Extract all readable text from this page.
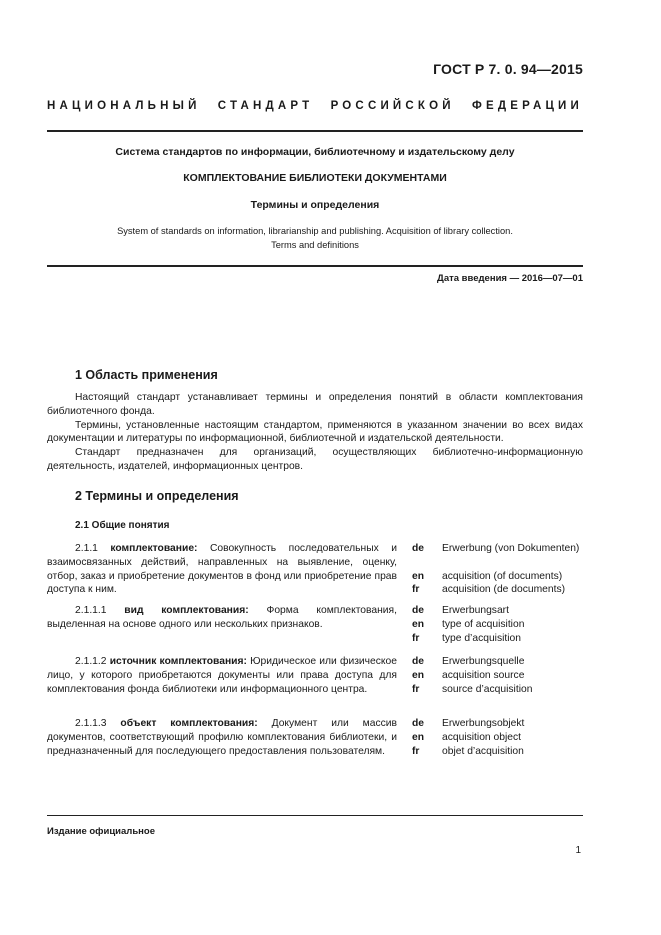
ГОСТ Р 7. 0. 94—2015
НАЦИОНАЛЬНЫЙ СТАНДАРТ РОССИЙСКОЙ ФЕДЕРАЦИИ
Система стандартов по информации, библиотечному и издательскому делу
КОМПЛЕКТОВАНИЕ БИБЛИОТЕКИ ДОКУМЕНТАМИ
Термины и определения
System of standards on information, librarianship and publishing. Acquisition of library collection.
Terms and definitions
Дата введения — 2016—07—01
1 Область применения

Настоящий стандарт устанавливает термины и определения понятий в области комплектования библиотечного фонда.

Термины, установленные настоящим стандартом, применяются в указанном значении во всех видах документации и литературы по информационной, библиотечной и издательской деятельности.

Стандарт предназначен для организаций, осуществляющих библиотечно-информационную деятельность, издателей, информационных центров.

2 Термины и определения
2.1 Общие понятия
2.1.1 комплектование: Совокупность последовательных и взаимосвязанных действий, направленных на выявление, оценку, отбор, заказ и приобретение документов в фонд или приобретение прав доступа к ним.
de
en
fr
Erwerbung (von Dokumenten)
acquisition (of documents)
acquisition (de documents)
2.1.1.1 вид комплектования: Форма комплектования, выделенная на основе одного или нескольких признаков.
de
en
fr
Erwerbungsart
type of acquisition
type d’acquisition
2.1.1.2 источник комплектования: Юридическое или физическое лицо, у которого приобретаются документы или права доступа для комплектования фонда библиотеки или информационного центра.
de
en
fr
Erwerbungsquelle
acquisition source
source d’acquisition
2.1.1.3 объект комплектования: Документ или массив документов, соответствующий профилю комплектования библиотеки, и предназначенный для последующего предоставления пользователям.
de
en
fr
Erwerbungsobjekt
acquisition object
objet d’acquisition
Издание официальное
1
